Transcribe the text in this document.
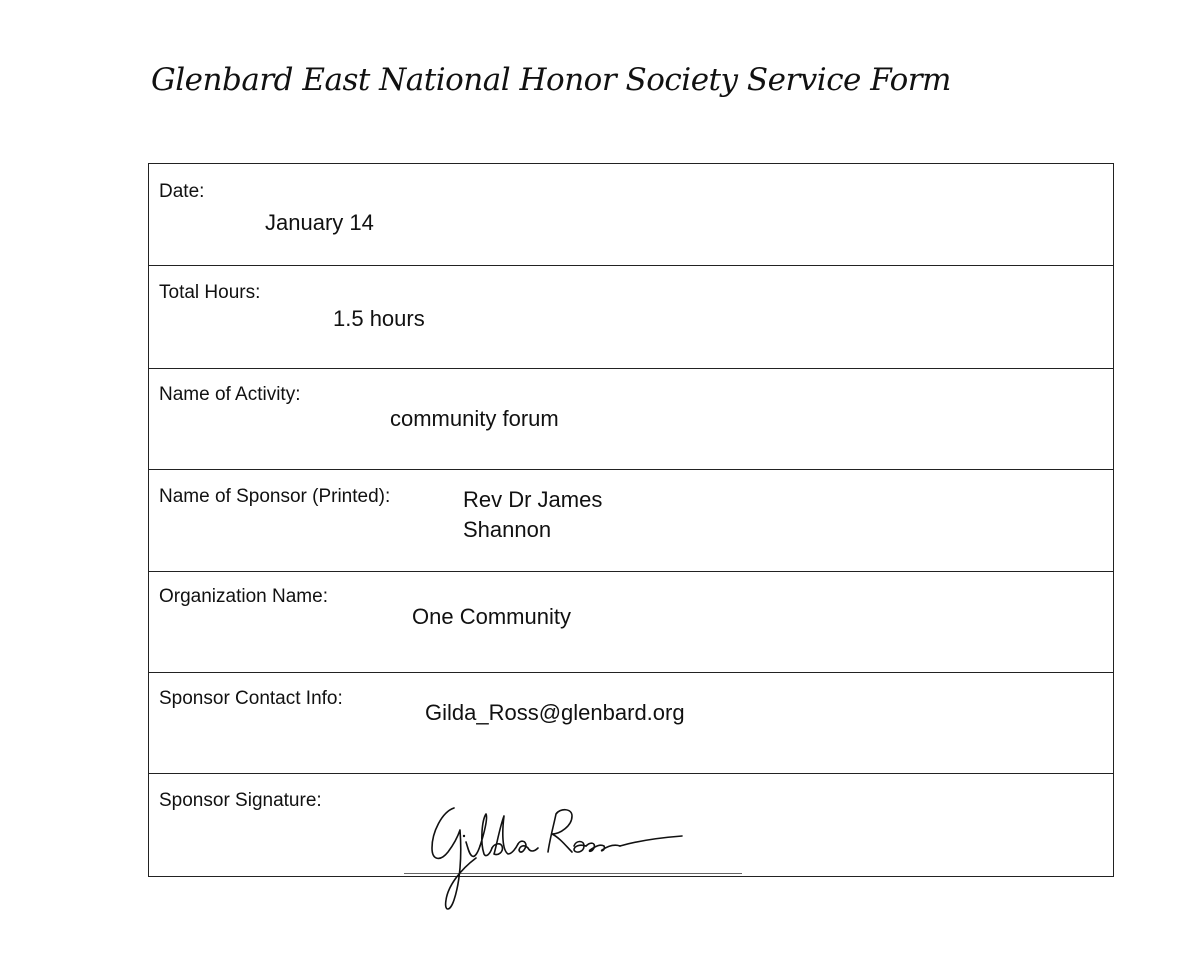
Glenbard East National Honor Society Service Form
Date:
January 14
Total Hours:
1.5 hours
Name of Activity:
community forum
Name of Sponsor (Printed):	Rev Dr James
Shannon
Organization Name:
One Community
Sponsor Contact Info:
Gilda_Ross@glenbard.org
Sponsor Signature:	Gilda Ross
